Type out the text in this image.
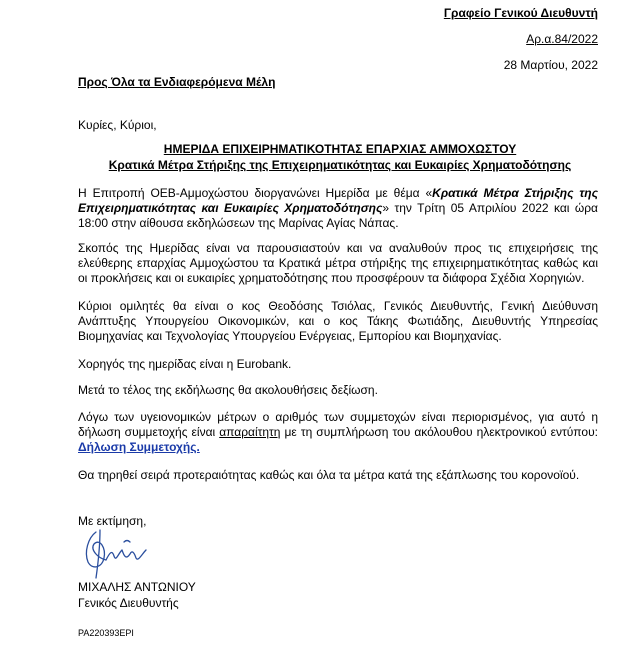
Γραφείο Γενικού Διευθυντή
Αρ.α.84/2022
28 Μαρτίου, 2022
Προς Όλα τα Ενδιαφερόμενα Μέλη
Κυρίες, Κύριοι,
ΗΜΕΡΙΔΑ ΕΠΙΧΕΙΡΗΜΑΤΙΚΟΤΗΤΑΣ ΕΠΑΡΧΙΑΣ ΑΜΜΟΧΩΣΤΟΥ
Κρατικά Μέτρα Στήριξης της Επιχειρηματικότητας και Ευκαιρίες Χρηματοδότησης
Η Επιτροπή ΟΕΒ-Αμμοχώστου διοργανώνει Ημερίδα με θέμα «Κρατικά Μέτρα Στήριξης της Επιχειρηματικότητας και Ευκαιρίες Χρηματοδότησης» την Τρίτη 05 Απριλίου 2022 και ώρα 18:00 στην αίθουσα εκδηλώσεων της Μαρίνας Αγίας Νάπας.
Σκοπός της Ημερίδας είναι να παρουσιαστούν και να αναλυθούν προς τις επιχειρήσεις της ελεύθερης επαρχίας Αμμοχώστου τα Κρατικά μέτρα στήριξης της επιχειρηματικότητας καθώς και οι προκλήσεις και οι ευκαιρίες χρηματοδότησης που προσφέρουν τα διάφορα Σχέδια Χορηγιών.
Κύριοι ομιλητές θα είναι ο κος Θεοδόσης Τσιόλας, Γενικός Διευθυντής, Γενική Διεύθυνση Ανάπτυξης Υπουργείου Οικονομικών, και ο κος Τάκης Φωτιάδης, Διευθυντής Υπηρεσίας Βιομηχανίας και Τεχνολογίας Υπουργείου Ενέργειας, Εμπορίου και Βιομηχανίας.
Χορηγός της ημερίδας είναι η Eurobank.
Μετά το τέλος της εκδήλωσης θα ακολουθήσεις δεξίωση.
Λόγω των υγειονομικών μέτρων ο αριθμός των συμμετοχών είναι περιορισμένος, για αυτό η δήλωση συμμετοχής είναι απαραίτητη με τη συμπλήρωση του ακόλουθου ηλεκτρονικού εντύπου: Δήλωση Συμμετοχής.
Θα τηρηθεί σειρά προτεραιότητας καθώς και όλα τα μέτρα κατά της εξάπλωσης του κορονοϊού.
Με εκτίμηση,
ΜΙΧΑΛΗΣ ΑΝΤΩΝΙΟΥ
Γενικός Διευθυντής
PA220393EPI
